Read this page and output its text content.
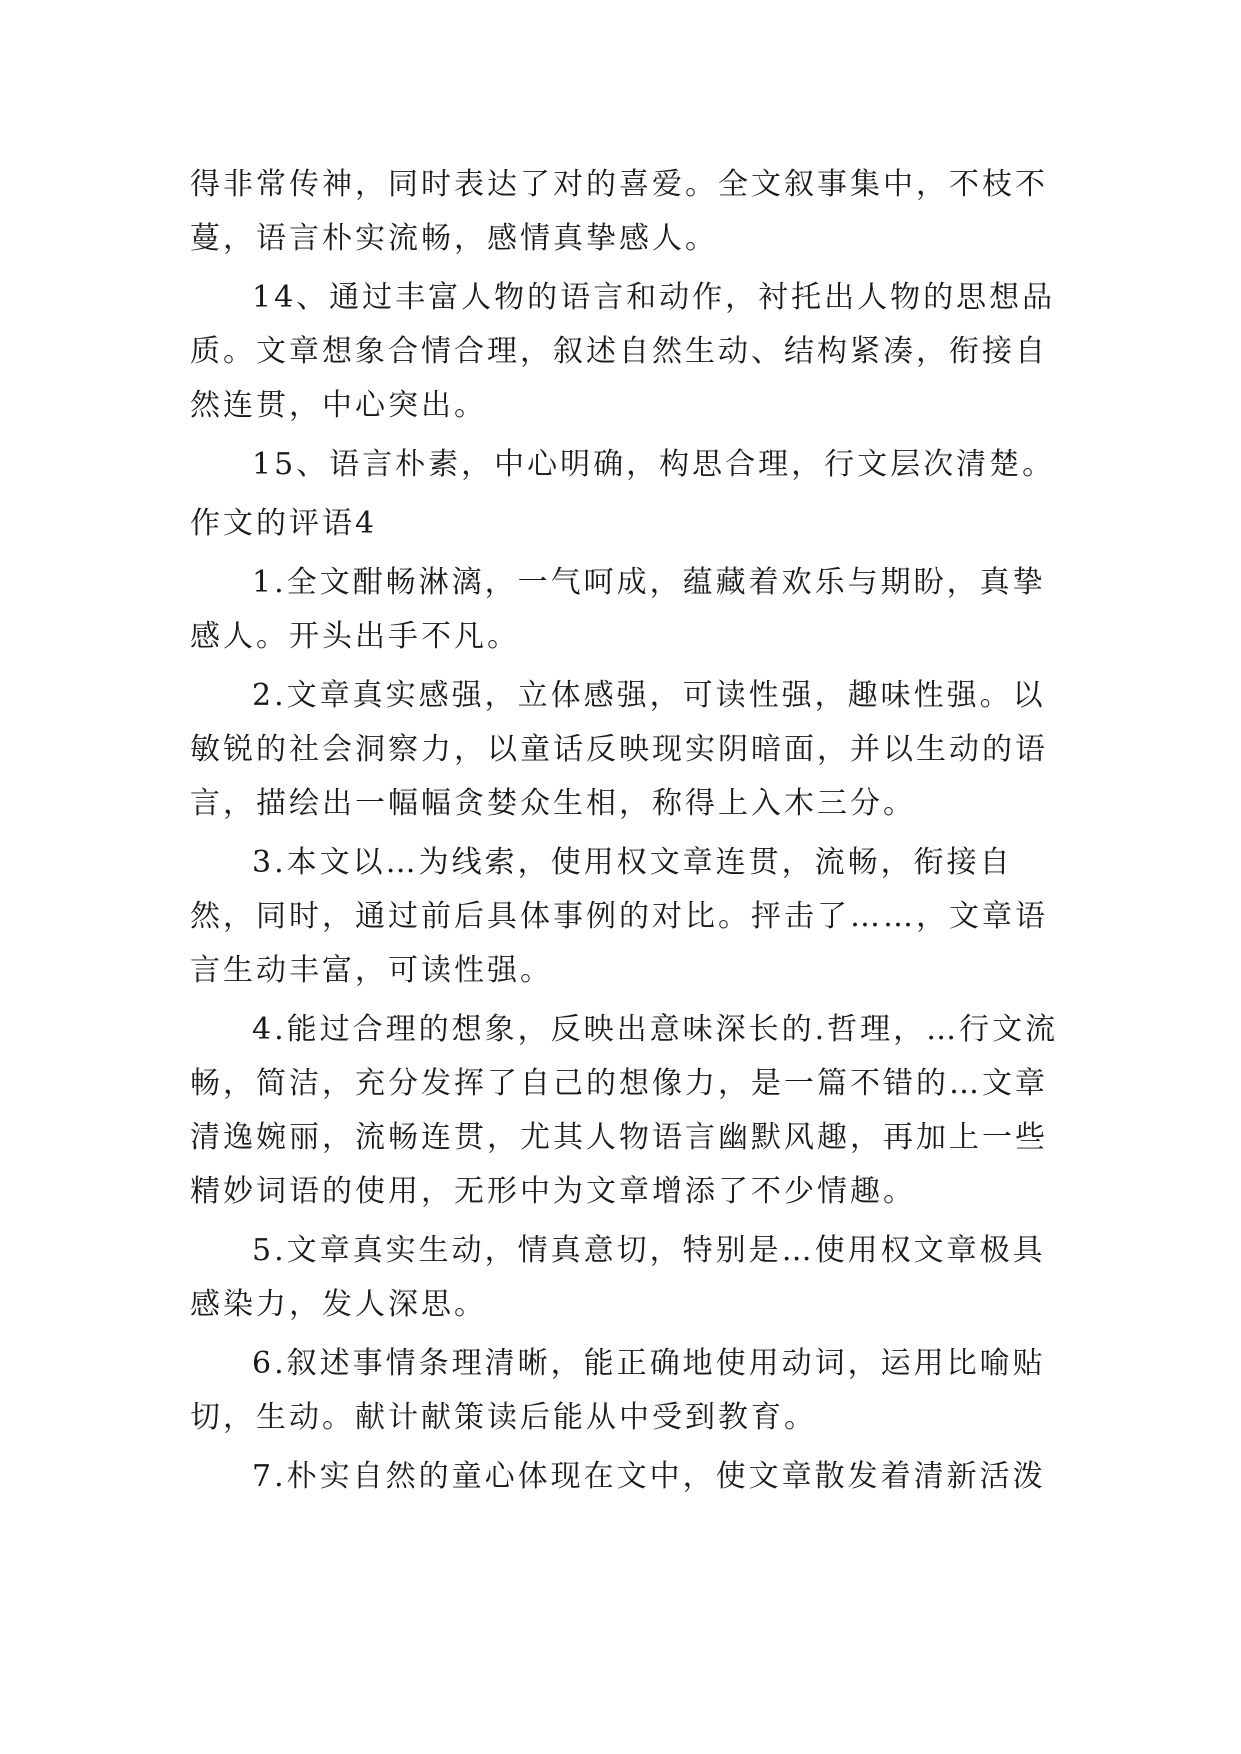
得非常传神，同时表达了对的喜爱。全文叙事集中，不枝不蔓，语言朴实流畅，感情真挚感人。

14、通过丰富人物的语言和动作，衬托出人物的思想品质。文章想象合情合理，叙述自然生动、结构紧凑，衔接自然连贯，中心突出。

15、语言朴素，中心明确，构思合理，行文层次清楚。

作文的评语4

1.全文酣畅淋漓，一气呵成，蕴藏着欢乐与期盼，真挚感人。开头出手不凡。

2.文章真实感强，立体感强，可读性强，趣味性强。以敏锐的社会洞察力，以童话反映现实阴暗面，并以生动的语言，描绘出一幅幅贪婪众生相，称得上入木三分。

3.本文以…为线索，使用权文章连贯，流畅，衔接自然，同时，通过前后具体事例的对比。抨击了……，文章语言生动丰富，可读性强。

4.能过合理的想象，反映出意味深长的.哲理，…行文流畅，简洁，充分发挥了自己的想像力，是一篇不错的…文章清逸婉丽，流畅连贯，尤其人物语言幽默风趣，再加上一些精妙词语的使用，无形中为文章增添了不少情趣。

5.文章真实生动，情真意切，特别是…使用权文章极具感染力，发人深思。

6.叙述事情条理清晰，能正确地使用动词，运用比喻贴切，生动。献计献策读后能从中受到教育。

7.朴实自然的童心体现在文中，使文章散发着清新活泼
